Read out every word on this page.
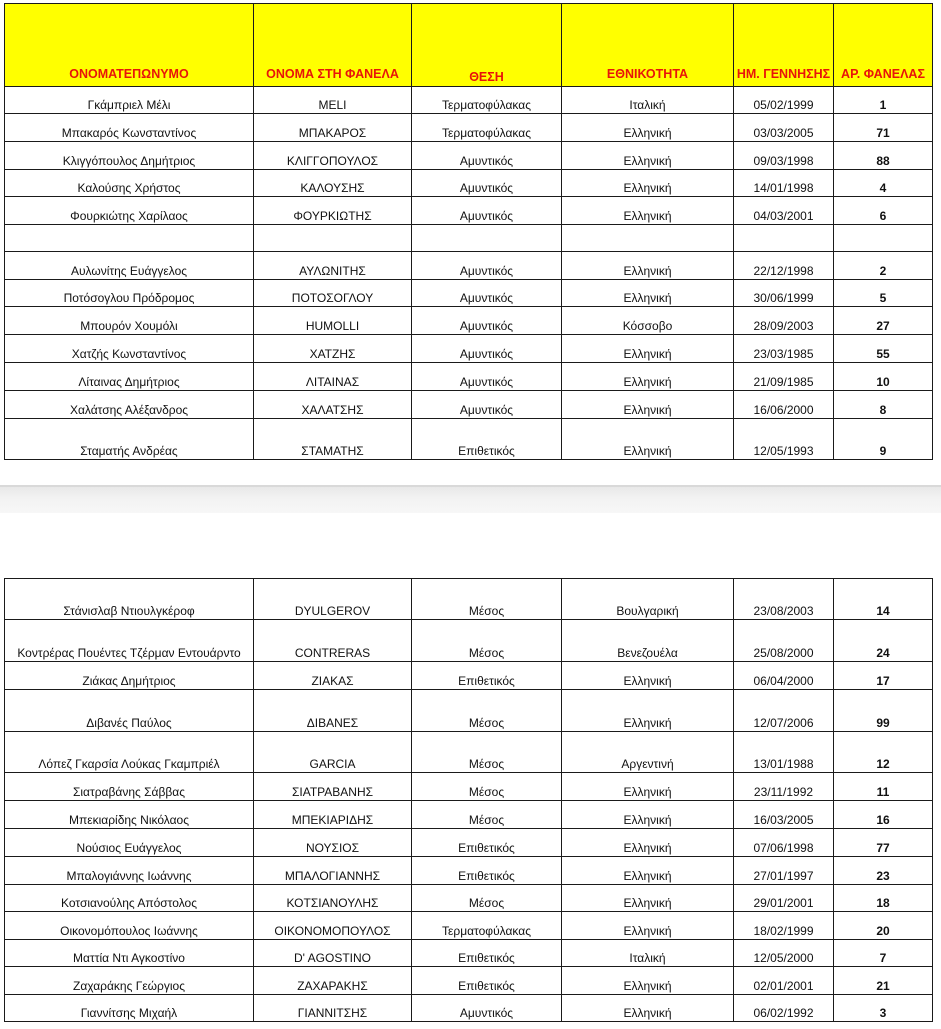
ΟΝΟΜΑΤΕΠΩΝΥΜΟ	ΟΝΟΜΑ ΣΤΗ ΦΑΝΕΛΑ	ΘΕΣΗ	ΕΘΝΙΚΟΤΗΤΑ	ΗΜ. ΓΕΝΝΗΣΗΣ	ΑΡ. ΦΑΝΕΛΑΣ
Γκάμπριελ Μέλι	MELI	Τερματοφύλακας	Ιταλική	05/02/1999	1
Μπακαρός Κωνσταντίνος	ΜΠΑΚΑΡΟΣ	Τερματοφύλακας	Ελληνική	03/03/2005	71
Κλιγγόπουλος Δημήτριος	ΚΛΙΓΓΟΠΟΥΛΟΣ	Αμυντικός	Ελληνική	09/03/1998	88
Καλούσης Χρήστος	ΚΑΛΟΥΣΗΣ	Αμυντικός	Ελληνική	14/01/1998	4
Φουρκιώτης Χαρίλαος	ΦΟΥΡΚΙΩΤΗΣ	Αμυντικός	Ελληνική	04/03/2001	6

Αυλωνίτης Ευάγγελος	ΑΥΛΩΝΙΤΗΣ	Αμυντικός	Ελληνική	22/12/1998	2
Ποτόσογλου Πρόδρομος	ΠΟΤΟΣΟΓΛΟΥ	Αμυντικός	Ελληνική	30/06/1999	5
Μπουρόν Χουμόλι	HUMOLLI	Αμυντικός	Κόσσοβο	28/09/2003	27
Χατζής Κωνσταντίνος	ΧΑΤΖΗΣ	Αμυντικός	Ελληνική	23/03/1985	55
Λίταινας Δημήτριος	ΛΙΤΑΙΝΑΣ	Αμυντικός	Ελληνική	21/09/1985	10
Χαλάτσης Αλέξανδρος	ΧΑΛΑΤΣΗΣ	Αμυντικός	Ελληνική	16/06/2000	8
Σταματής Ανδρέας	ΣΤΑΜΑΤΗΣ	Επιθετικός	Ελληνική	12/05/1993	9
Στάνισλαβ Ντιουλγκέροφ	DYULGEROV	Μέσος	Βουλγαρική	23/08/2003	14
Κοντρέρας Πουέντες Τζέρμαν Εντουάρντο	CONTRERAS	Μέσος	Βενεζουέλα	25/08/2000	24
Ζιάκας Δημήτριος	ΖΙΑΚΑΣ	Επιθετικός	Ελληνική	06/04/2000	17
Διβανές Παύλος	ΔΙΒΑΝΕΣ	Μέσος	Ελληνική	12/07/2006	99
Λόπεζ Γκαρσία Λούκας Γκαμπριέλ	GARCIA	Μέσος	Αργεντινή	13/01/1988	12
Σιατραβάνης Σάββας	ΣΙΑΤΡΑΒΑΝΗΣ	Μέσος	Ελληνική	23/11/1992	11
Μπεκιαρίδης Νικόλαος	ΜΠΕΚΙΑΡΙΔΗΣ	Μέσος	Ελληνική	16/03/2005	16
Νούσιος Ευάγγελος	ΝΟΥΣΙΟΣ	Επιθετικός	Ελληνική	07/06/1998	77
Μπαλογιάννης Ιωάννης	ΜΠΑΛΟΓΙΑΝΝΗΣ	Επιθετικός	Ελληνική	27/01/1997	23
Κοτσιανούλης Απόστολος	ΚΟΤΣΙΑΝΟΥΛΗΣ	Μέσος	Ελληνική	29/01/2001	18
Οικονομόπουλος Ιωάννης	ΟΙΚΟΝΟΜΟΠΟΥΛΟΣ	Τερματοφύλακας	Ελληνική	18/02/1999	20
Ματτία Ντι Αγκοστίνο	D' AGOSTINO	Επιθετικός	Ιταλική	12/05/2000	7
Ζαχαράκης Γεώργιος	ΖΑΧΑΡΑΚΗΣ	Επιθετικός	Ελληνική	02/01/2001	21
Γιαννίτσης Μιχαήλ	ΓΙΑΝΝΙΤΣΗΣ	Αμυντικός	Ελληνική	06/02/1992	3
